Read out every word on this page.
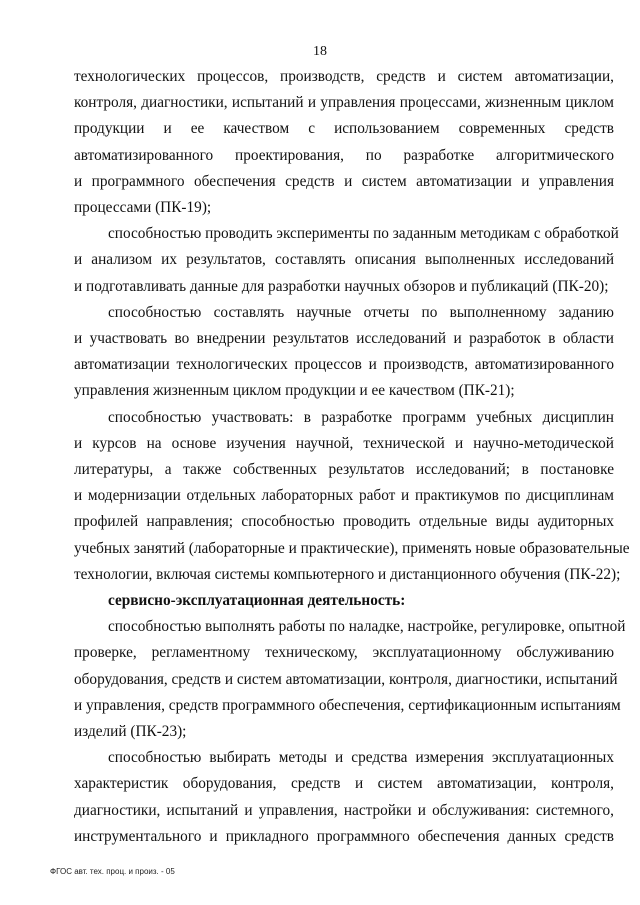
18

технологических процессов, производств, средств и систем автоматизации,
контроля, диагностики, испытаний и управления процессами, жизненным циклом
продукции и ее качеством с использованием современных средств
автоматизированного проектирования, по разработке алгоритмического
и программного обеспечения средств и систем автоматизации и управления
процессами (ПК-19);

способностью проводить эксперименты по заданным методикам с обработкой
и анализом их результатов, составлять описания выполненных исследований
и подготавливать данные для разработки научных обзоров и публикаций (ПК-20);

способностью составлять научные отчеты по выполненному заданию
и участвовать во внедрении результатов исследований и разработок в области
автоматизации технологических процессов и производств, автоматизированного
управления жизненным циклом продукции и ее качеством (ПК-21);

способностью участвовать: в разработке программ учебных дисциплин
и курсов на основе изучения научной, технической и научно-методической
литературы, а также собственных результатов исследований; в постановке
и модернизации отдельных лабораторных работ и практикумов по дисциплинам
профилей направления; способностью проводить отдельные виды аудиторных
учебных занятий (лабораторные и практические), применять новые образовательные
технологии, включая системы компьютерного и дистанционного обучения (ПК-22);

сервисно-эксплуатационная деятельность:

способностью выполнять работы по наладке, настройке, регулировке, опытной
проверке, регламентному техническому, эксплуатационному обслуживанию
оборудования, средств и систем автоматизации, контроля, диагностики, испытаний
и управления, средств программного обеспечения, сертификационным испытаниям
изделий (ПК-23);

способностью выбирать методы и средства измерения эксплуатационных
характеристик оборудования, средств и систем автоматизации, контроля,
диагностики, испытаний и управления, настройки и обслуживания: системного,
инструментального и прикладного программного обеспечения данных средств

ФГОС авт. тех. проц. и произ. - 05
